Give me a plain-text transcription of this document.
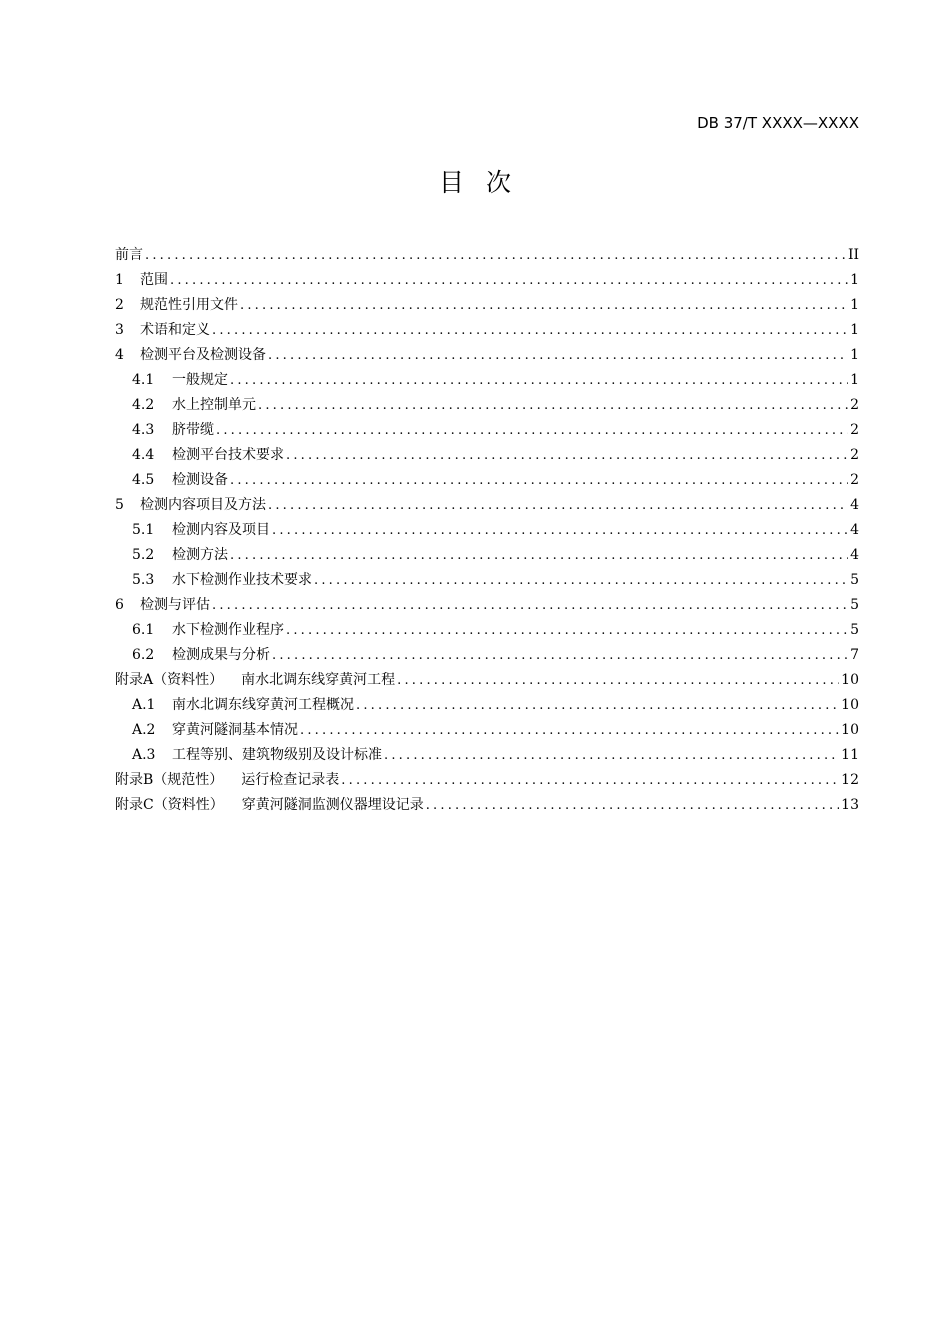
DB 37/T XXXX—XXXX
目次
前言 .....	II
1	范围 .....	1
2	规范性引用文件 .....	1
3	术语和定义 .....	1
4	检测平台及检测设备 .....	1
4.1	一般规定 .....	1
4.2	水上控制单元 .....	2
4.3	脐带缆 .....	2
4.4	检测平台技术要求 .....	2
4.5	检测设备 .....	2
5	检测内容项目及方法 .....	4
5.1	检测内容及项目 .....	4
5.2	检测方法 .....	4
5.3	水下检测作业技术要求 .....	5
6	检测与评估 .....	5
6.1	水下检测作业程序 .....	5
6.2	检测成果与分析 .....	7
附录A（资料性） 南水北调东线穿黄河工程 .....	10
A.1	南水北调东线穿黄河工程概况 .....	10
A.2	穿黄河隧洞基本情况 .....	10
A.3	工程等别、建筑物级别及设计标准 .....	11
附录B（规范性） 运行检查记录表 .....	12
附录C（资料性） 穿黄河隧洞监测仪器埋设记录 .....	13
